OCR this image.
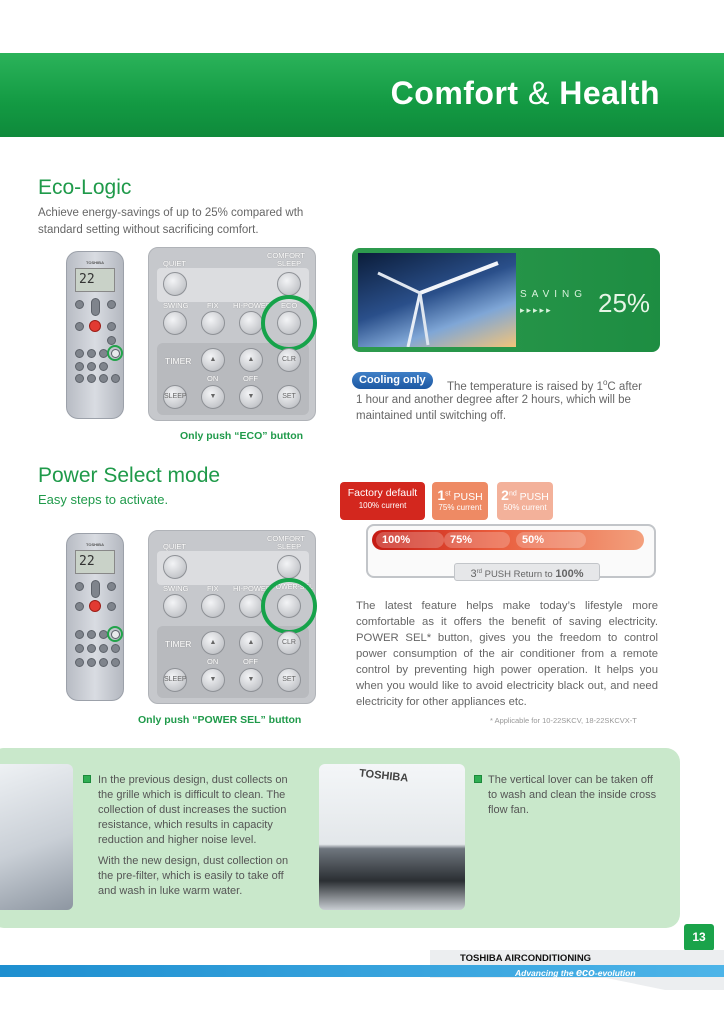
Comfort & Health
Eco-Logic
Achieve energy-savings of up to 25% compared wth
standard setting without sacrificing comfort.
TOSHIBA
22
QUIET
COMFORT
SLEEP
SWING FIX HI-POWER ECO
TIMER	▲	▲	CLR
ON	OFF
SLEEP	▼	▼	SET
Only push “ECO” button
SAVING
▸▸▸▸▸ 25%
Cooling only
The temperature is raised by 1$^o$C after
1 hour and another degree after 2 hours, which will be
maintained until switching off.
Power Select mode
Easy steps to activate.
TOSHIBA
22
QUIET
COMFORT
SLEEP
SWING FIX HI-POWER POWER-SEL
TIMER	▲	▲	CLR
ON	OFF
SLEEP	▼	▼	SET
Only push “POWER SEL” button
Factory default
100% current
1st PUSH
75% current
2nd PUSH
50% current
100%	75%	50%
3rd PUSH Return to 100%
The latest feature helps make today’s lifestyle more comfortable as it offers the benefit of saving electricity. POWER SEL* button, gives you the freedom to control power consumption of the air conditioner from a remote control by preventing high power operation. It helps you when you would like to avoid electricity black out, and need electricity for other appliances etc.
* Applicable for 10-22SKCV, 18-22SKCVX-T
In the previous design, dust collects on the grille which is difficult to clean. The collection of dust increases the suction resistance, which results in capacity reduction and higher noise level.
With the new design, dust collection on the pre-filter, which is easily to take off and wash in luke warm water.
TOSHIBA	The vertical lover can be taken off to wash and clean the inside cross flow fan.
13
TOSHIBA AIRCONDITIONING
Advancing the eco-evolution
